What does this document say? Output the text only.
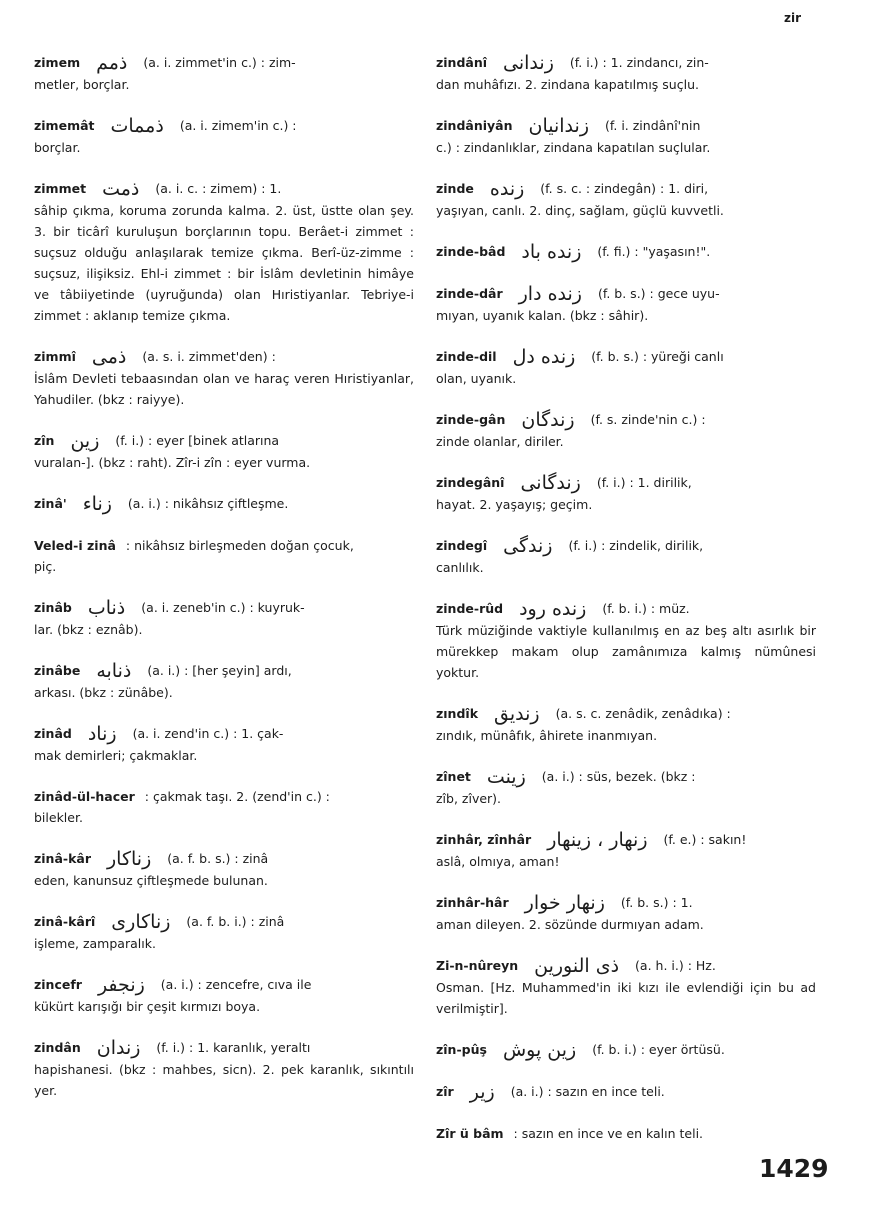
zir
zimem ذمم (a. i. zimmet'in c.) : zim-
metler, borçlar.
zimemât ذممات (a. i. zimem'in c.) :
borçlar.
zimmet ذمت (a. i. c. : zimem) : 1.
sâhip çıkma, koruma zorunda kalma. 2. üst, üstte olan şey. 3. bir ticârî kuruluşun borçlarının topu. Berâet-i zimmet : suçsuz olduğu anlaşılarak temize çıkma. Berî-üz-zimme : suçsuz, ilişiksiz. Ehl-i zimmet : bir İslâm devletinin himâye ve tâbiiyetinde (uyruğunda) olan Hıristiyanlar. Tebriye-i zimmet : aklanıp temize çıkma.
zimmî ذمى (a. s. i. zimmet'den) :
İslâm Devleti tebaasından olan ve haraç veren Hıristiyanlar, Yahudiler. (bkz : raiyye).
zîn زين (f. i.) : eyer [binek atlarına
vuralan-]. (bkz : raht). Zîr-i zîn : eyer vurma.
zinâ' زناء (a. i.) : nikâhsız çiftleşme.
Veled-i zinâ : nikâhsız birleşmeden doğan çocuk,
piç.
zinâb ذناب (a. i. zeneb'in c.) : kuyruk-
lar. (bkz : eznâb).
zinâbe ذنابه (a. i.) : [her şeyin] ardı,
arkası. (bkz : zünâbe).
zinâd زناد (a. i. zend'in c.) : 1. çak-
mak demirleri; çakmaklar.
zinâd-ül-hacer : çakmak taşı. 2. (zend'in c.) :
bilekler.
zinâ-kâr زناكار (a. f. b. s.) : zinâ
eden, kanunsuz çiftleşmede bulunan.
zinâ-kârî زناكارى (a. f. b. i.) : zinâ
işleme, zamparalık.
zincefr زنجفر (a. i.) : zencefre, cıva ile
kükürt karışığı bir çeşit kırmızı boya.
zindân زندان (f. i.) : 1. karanlık, yeraltı
hapishanesi. (bkz : mahbes, sicn). 2. pek karanlık, sıkıntılı yer.
zindânî زندانى (f. i.) : 1. zindancı, zin-
dan muhâfızı. 2. zindana kapatılmış suçlu.
zindâniyân زندانيان (f. i. zindânî'nin
c.) : zindanlıklar, zindana kapatılan suçlular.
zinde زنده (f. s. c. : zindegân) : 1. diri,
yaşıyan, canlı. 2. dinç, sağlam, güçlü kuvvetli.
zinde-bâd زنده باد (f. fi.) : "yaşasın!".
zinde-dâr زنده دار (f. b. s.) : gece uyu-
mıyan, uyanık kalan. (bkz : sâhir).
zinde-dil زنده دل (f. b. s.) : yüreği canlı
olan, uyanık.
zinde-gân زندگان (f. s. zinde'nin c.) :
zinde olanlar, diriler.
zindegânî زندگانى (f. i.) : 1. dirilik,
hayat. 2. yaşayış; geçim.
zindegî زندگى (f. i.) : zindelik, dirilik,
canlılık.
zinde-rûd زنده رود (f. b. i.) : müz.
Türk müziğinde vaktiyle kullanılmış en az beş altı asırlık bir mürekkep makam olup zamânımıza kalmış nümûnesi yoktur.
zındîk زنديق (a. s. c. zenâdik, zenâdıka) :
zındık, münâfık, âhirete inanmıyan.
zînet زينت (a. i.) : süs, bezek. (bkz :
zîb, zîver).
zinhâr, zînhâr زنهار ، زينهار (f. e.) : sakın!
aslâ, olmıya, aman!
zinhâr-hâr زنهار خوار (f. b. s.) : 1.
aman dileyen. 2. sözünde durmıyan adam.
Zi-n-nûreyn ذى النورين (a. h. i.) : Hz.
Osman. [Hz. Muhammed'in iki kızı ile evlendiği için bu ad verilmiştir].
zîn-pûş زين پوش (f. b. i.) : eyer örtüsü.
zîr زير (a. i.) : sazın en ince teli.
Zîr ü bâm : sazın en ince ve en kalın teli.
1429
